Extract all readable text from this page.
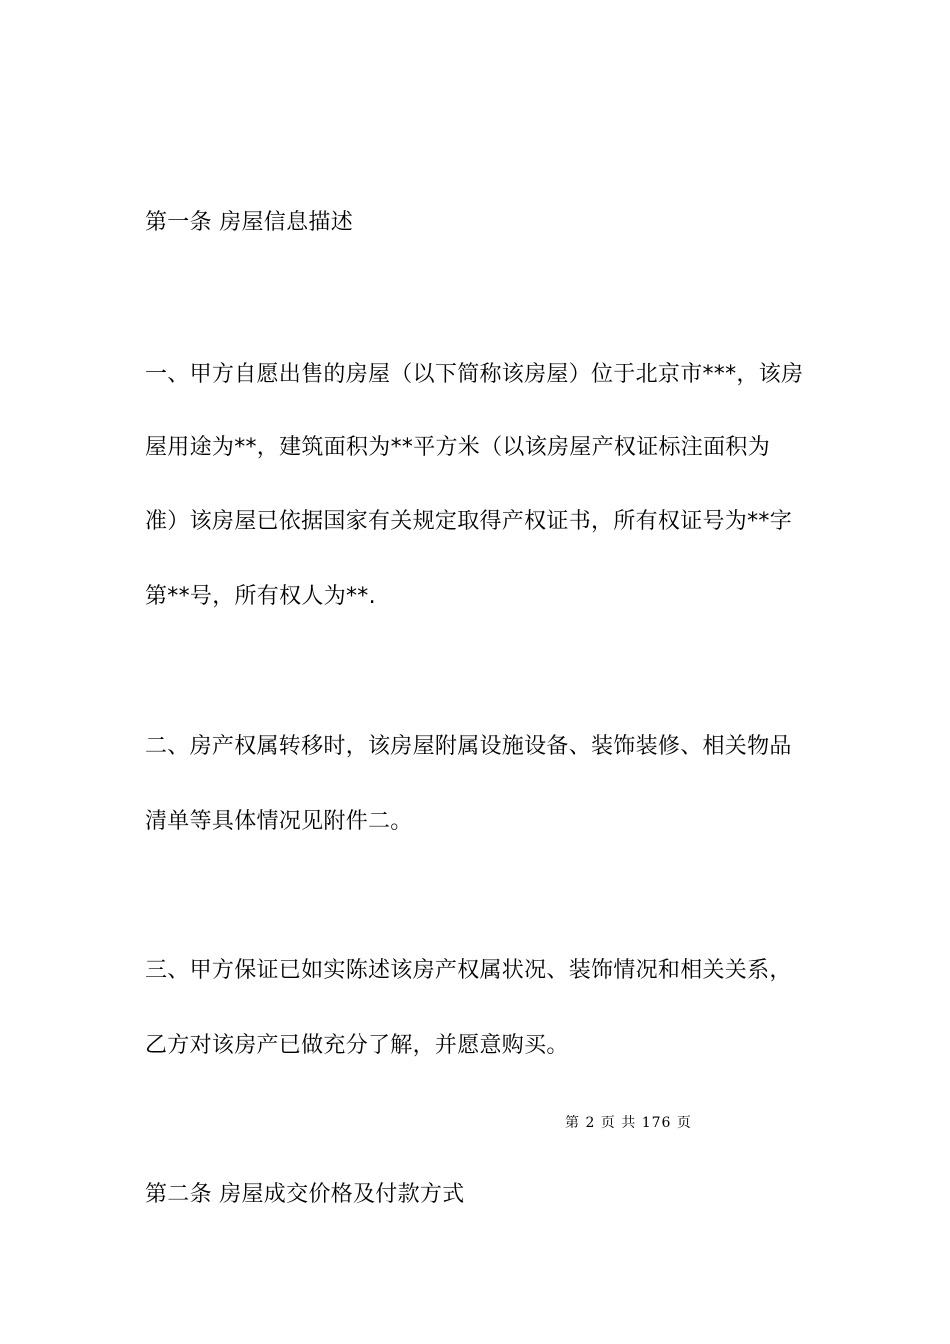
第一条 房屋信息描述
一、甲方自愿出售的房屋（以下简称该房屋）位于北京市***，该房
屋用途为**，建筑面积为**平方米（以该房屋产权证标注面积为
准）该房屋已依据国家有关规定取得产权证书，所有权证号为**字
第**号，所有权人为**.
二、房产权属转移时，该房屋附属设施设备、装饰装修、相关物品
清单等具体情况见附件二。
三、甲方保证已如实陈述该房产权属状况、装饰情况和相关关系，
乙方对该房产已做充分了解，并愿意购买。
第 2 页 共 176 页
第二条 房屋成交价格及付款方式
